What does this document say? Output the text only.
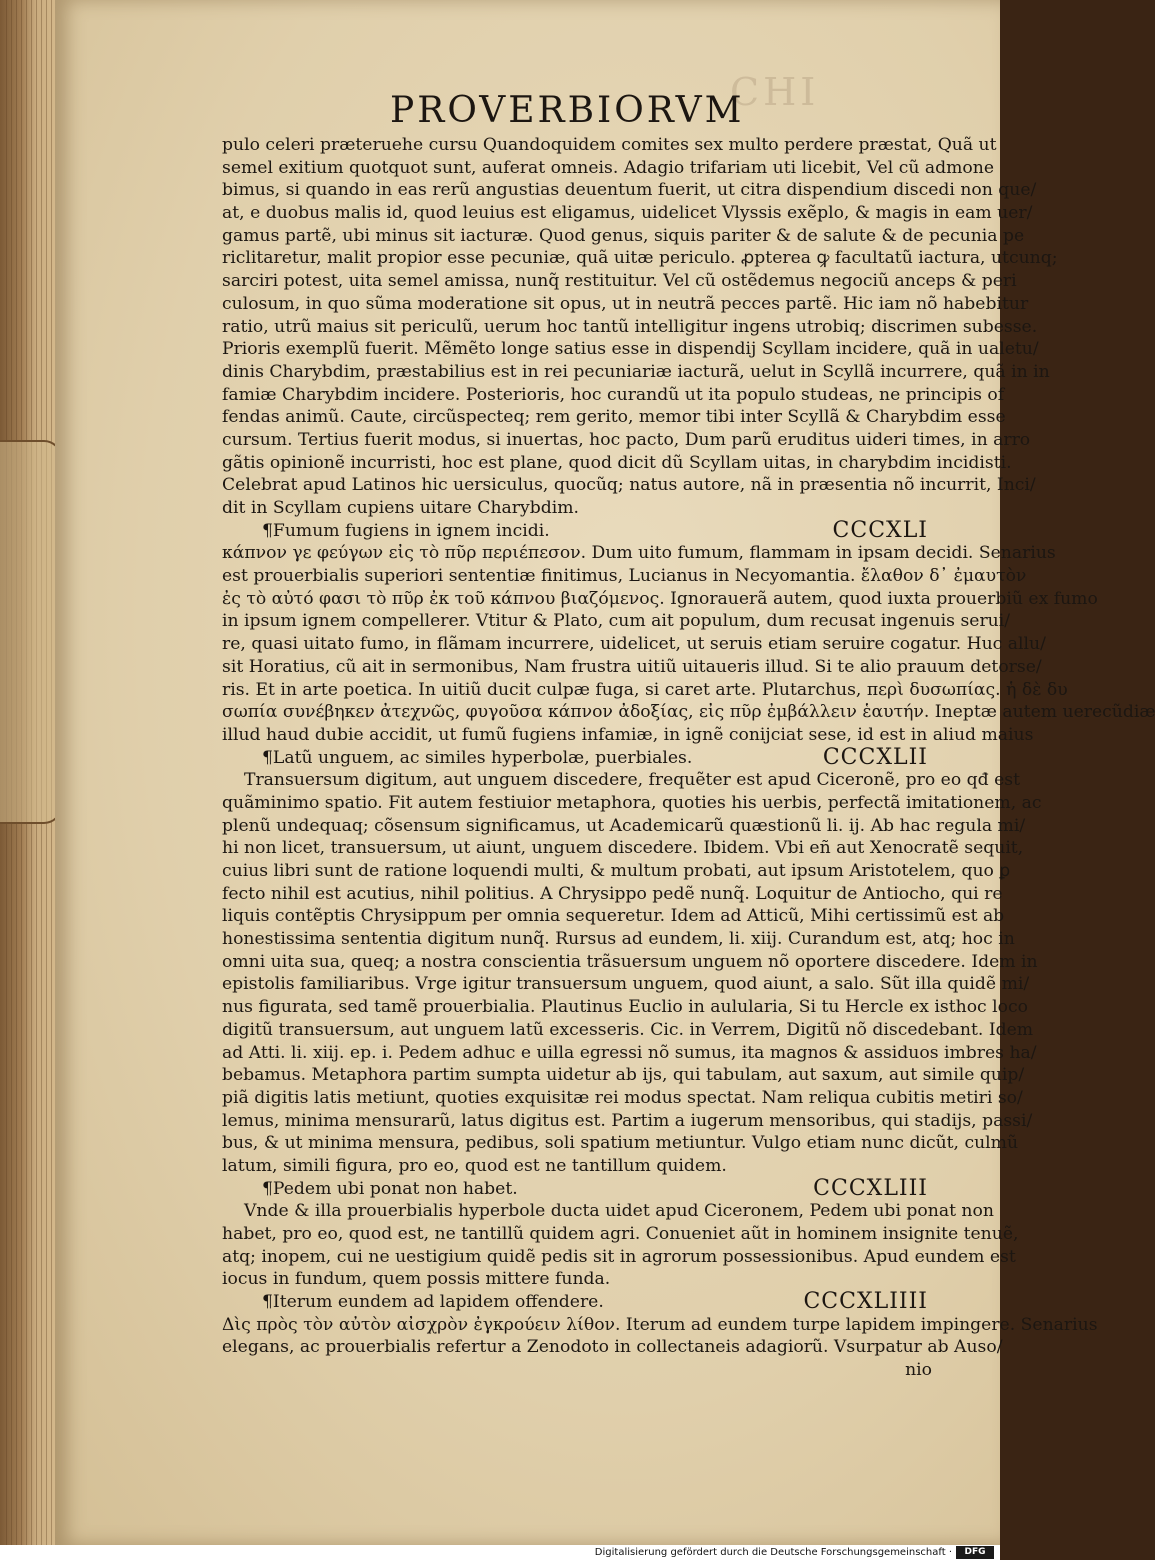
CHI
PROVERBIORVM
pulo celeri præteruehe cursu Quandoquidem comites sex multo perdere præstat, Quã ut
semel exitium quotquot sunt, auferat omneis. Adagio trifariam uti licebit, Vel cũ admone
bimus, si quando in eas rerũ angustias deuentum fuerit, ut citra dispendium discedi non que/
at, e duobus malis id, quod leuius est eligamus, uidelicet Vlyssis exẽplo, & magis in eam uer/
gamus partẽ, ubi minus sit iacturæ. Quod genus, siquis pariter & de salute & de pecunia pe
riclitaretur, malit propior esse pecuniæ, quã uitæ periculo. ꝓpterea ꝙ facultatũ iactura, utcunq;
sarciri potest, uita semel amissa, nunq̃ restituitur. Vel cũ ostẽdemus negociũ anceps & peri
culosum, in quo sũma moderatione sit opus, ut in neutrã pecces partẽ. Hic iam nõ habebitur
ratio, utrũ maius sit periculũ, uerum hoc tantũ intelligitur ingens utrobiq; discrimen subesse.
Prioris exemplũ fuerit. Mẽmẽto longe satius esse in dispendij Scyllam incidere, quã in ualetu/
dinis Charybdim, præstabilius est in rei pecuniariæ iacturã, uelut in Scyllã incurrere, quã in in
famiæ Charybdim incidere. Posterioris, hoc curandũ ut ita populo studeas, ne principis of
fendas animũ. Caute, circũspecteq; rem gerito, memor tibi inter Scyllã & Charybdim esse
cursum. Tertius fuerit modus, si inuertas, hoc pacto, Dum parũ eruditus uideri times, in arro
gãtis opinionẽ incurristi, hoc est plane, quod dicit dũ Scyllam uitas, in charybdim incidisti.
Celebrat apud Latinos hic uersiculus, quocũq; natus autore, nã in præsentia nõ incurrit, Inci/
dit in Scyllam cupiens uitare Charybdim.
¶Fumum fugiens in ignem incidi.	CCCXLI
κάπνον γε φεύγων εἰς τὸ πῦρ περιέπεσον. Dum uito fumum, flammam in ipsam decidi. Senarius
est prouerbialis superiori sententiæ finitimus, Lucianus in Necyomantia. ἔλαθον δ᾽ ἐμαυτὸν
ἐς τὸ αὐτό φασι τὸ πῦρ ἐκ τοῦ κάπνου βιαζόμενος. Ignorauerã autem, quod iuxta prouerbiũ ex fumo
in ipsum ignem compellerer. Vtitur & Plato, cum ait populum, dum recusat ingenuis serui/
re, quasi uitato fumo, in flãmam incurrere, uidelicet, ut seruis etiam seruire cogatur. Huc allu/
sit Horatius, cũ ait in sermonibus, Nam frustra uitiũ uitaueris illud. Si te alio prauum detorse/
ris. Et in arte poetica. In uitiũ ducit culpæ fuga, si caret arte. Plutarchus, περὶ δυσωπίας. ἡ δὲ δυ
σωπία συνέβηκεν ἀτεχνῶς, φυγοῦσα κάπνον ἀδοξίας, εἰς πῦρ ἐμβάλλειν ἑαυτήν. Ineptæ autem uerecũdiæ
illud haud dubie accidit, ut fumũ fugiens infamiæ, in ignẽ conijciat sese, id est in aliud maius
¶Latũ unguem, ac similes hyperbolæ, puerbiales.	CCCXLII
Transuersum digitum, aut unguem discedere, frequẽter est apud Ciceronẽ, pro eo qđ est
quãminimo spatio. Fit autem festiuior metaphora, quoties his uerbis, perfectã imitationem, ac
plenũ undequaq; cõsensum significamus, ut Academicarũ quæstionũ li. ij. Ab hac regula mi/
hi non licet, transuersum, ut aiunt, unguem discedere. Ibidem. Vbi eñ aut Xenocratẽ sequit,
cuius libri sunt de ratione loquendi multi, & multum probati, aut ipsum Aristotelem, quo ꝑ
fecto nihil est acutius, nihil politius. A Chrysippo pedẽ nunq̃. Loquitur de Antiocho, qui re
liquis contẽptis Chrysippum per omnia sequeretur. Idem ad Atticũ, Mihi certissimũ est ab
honestissima sententia digitum nunq̃. Rursus ad eundem, li. xiij. Curandum est, atq; hoc in
omni uita sua, queq; a nostra conscientia trãsuersum unguem nõ oportere discedere. Idem in
epistolis familiaribus. Vrge igitur transuersum unguem, quod aiunt, a salo. Sũt illa quidẽ mi/
nus figurata, sed tamẽ prouerbialia. Plautinus Euclio in aulularia, Si tu Hercle ex isthoc loco
digitũ transuersum, aut unguem latũ excesseris. Cic. in Verrem, Digitũ nõ discedebant. Idem
ad Atti. li. xiij. ep. i. Pedem adhuc e uilla egressi nõ sumus, ita magnos & assiduos imbres ha/
bebamus. Metaphora partim sumpta uidetur ab ijs, qui tabulam, aut saxum, aut simile quip/
piã digitis latis metiunt, quoties exquisitæ rei modus spectat. Nam reliqua cubitis metiri so/
lemus, minima mensurarũ, latus digitus est. Partim a iugerum mensoribus, qui stadijs, passi/
bus, & ut minima mensura, pedibus, soli spatium metiuntur. Vulgo etiam nunc dicũt, culmũ
latum, simili figura, pro eo, quod est ne tantillum quidem.
¶Pedem ubi ponat non habet.	CCCXLIII
Vnde & illa prouerbialis hyperbole ducta uidet apud Ciceronem, Pedem ubi ponat non
habet, pro eo, quod est, ne tantillũ quidem agri. Conueniet aũt in hominem insignite tenuẽ,
atq; inopem, cui ne uestigium quidẽ pedis sit in agrorum possessionibus. Apud eundem est
iocus in fundum, quem possis mittere funda.
¶Iterum eundem ad lapidem offendere.	CCCXLIIII
Δὶς πρὸς τὸν αὐτὸν αἰσχρὸν ἐγκρούειν λίθον. Iterum ad eundem turpe lapidem impingere. Senarius
elegans, ac prouerbialis refertur a Zenodoto in collectaneis adagiorũ. Vsurpatur ab Auso/
nio
Digitalisierung gefördert durch die Deutsche Forschungsgemeinschaft ·	DFG
